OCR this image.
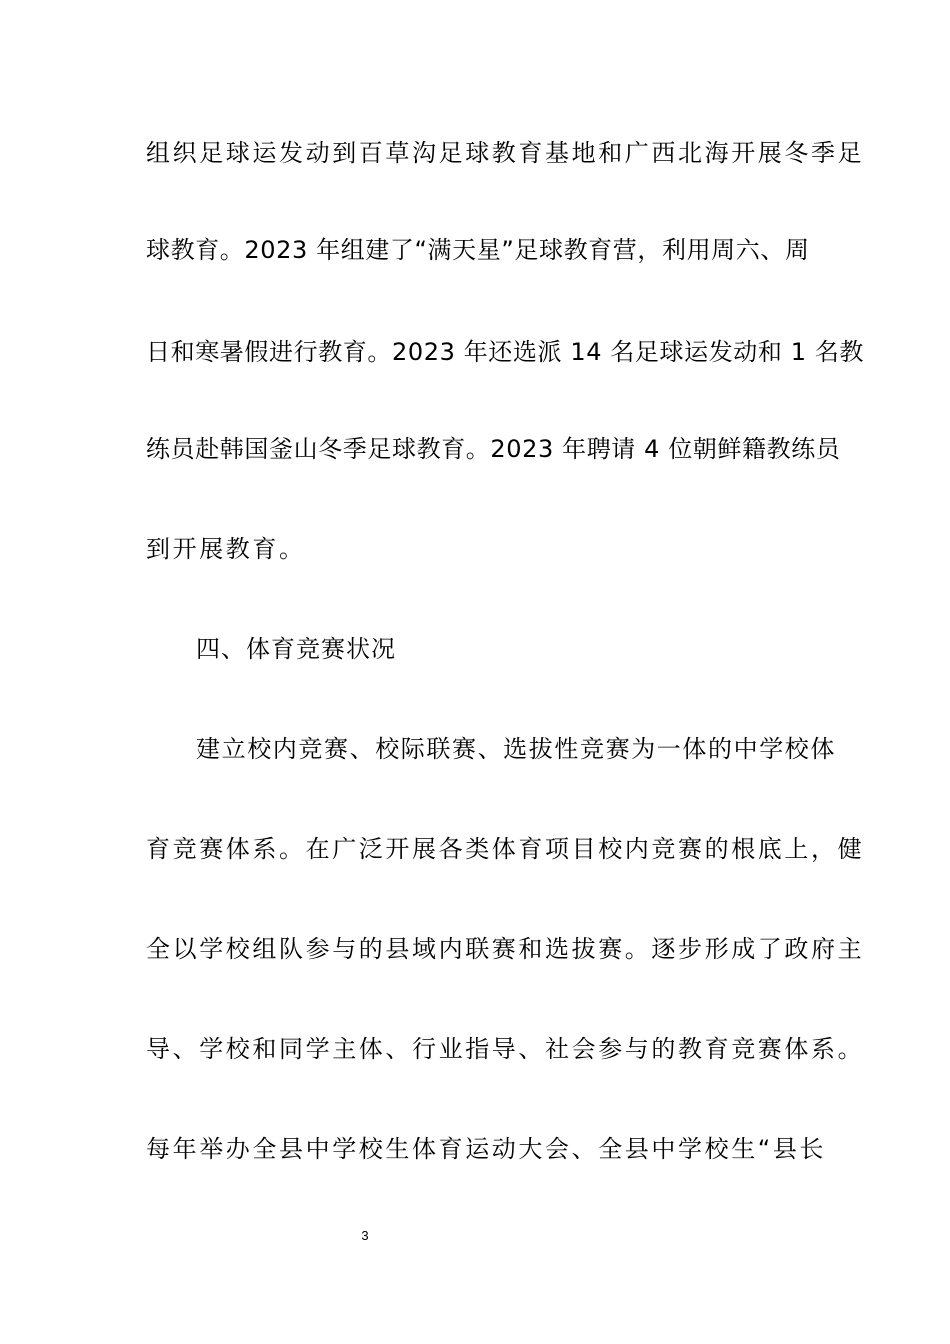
组织足球运发动到百草沟足球教育基地和广西北海开展冬季足
球教育。2023 年组建了“满天星”足球教育营，利用周六、周
日和寒暑假进行教育。2023 年还选派 14 名足球运发动和 1 名教
练员赴韩国釜山冬季足球教育。2023 年聘请 4 位朝鲜籍教练员
到开展教育。
四、体育竞赛状况
建立校内竞赛、校际联赛、选拔性竞赛为一体的中学校体
育竞赛体系。在广泛开展各类体育项目校内竞赛的根底上，健
全以学校组队参与的县域内联赛和选拔赛。逐步形成了政府主
导、学校和同学主体、行业指导、社会参与的教育竞赛体系。
每年举办全县中学校生体育运动大会、全县中学校生“县长
3
